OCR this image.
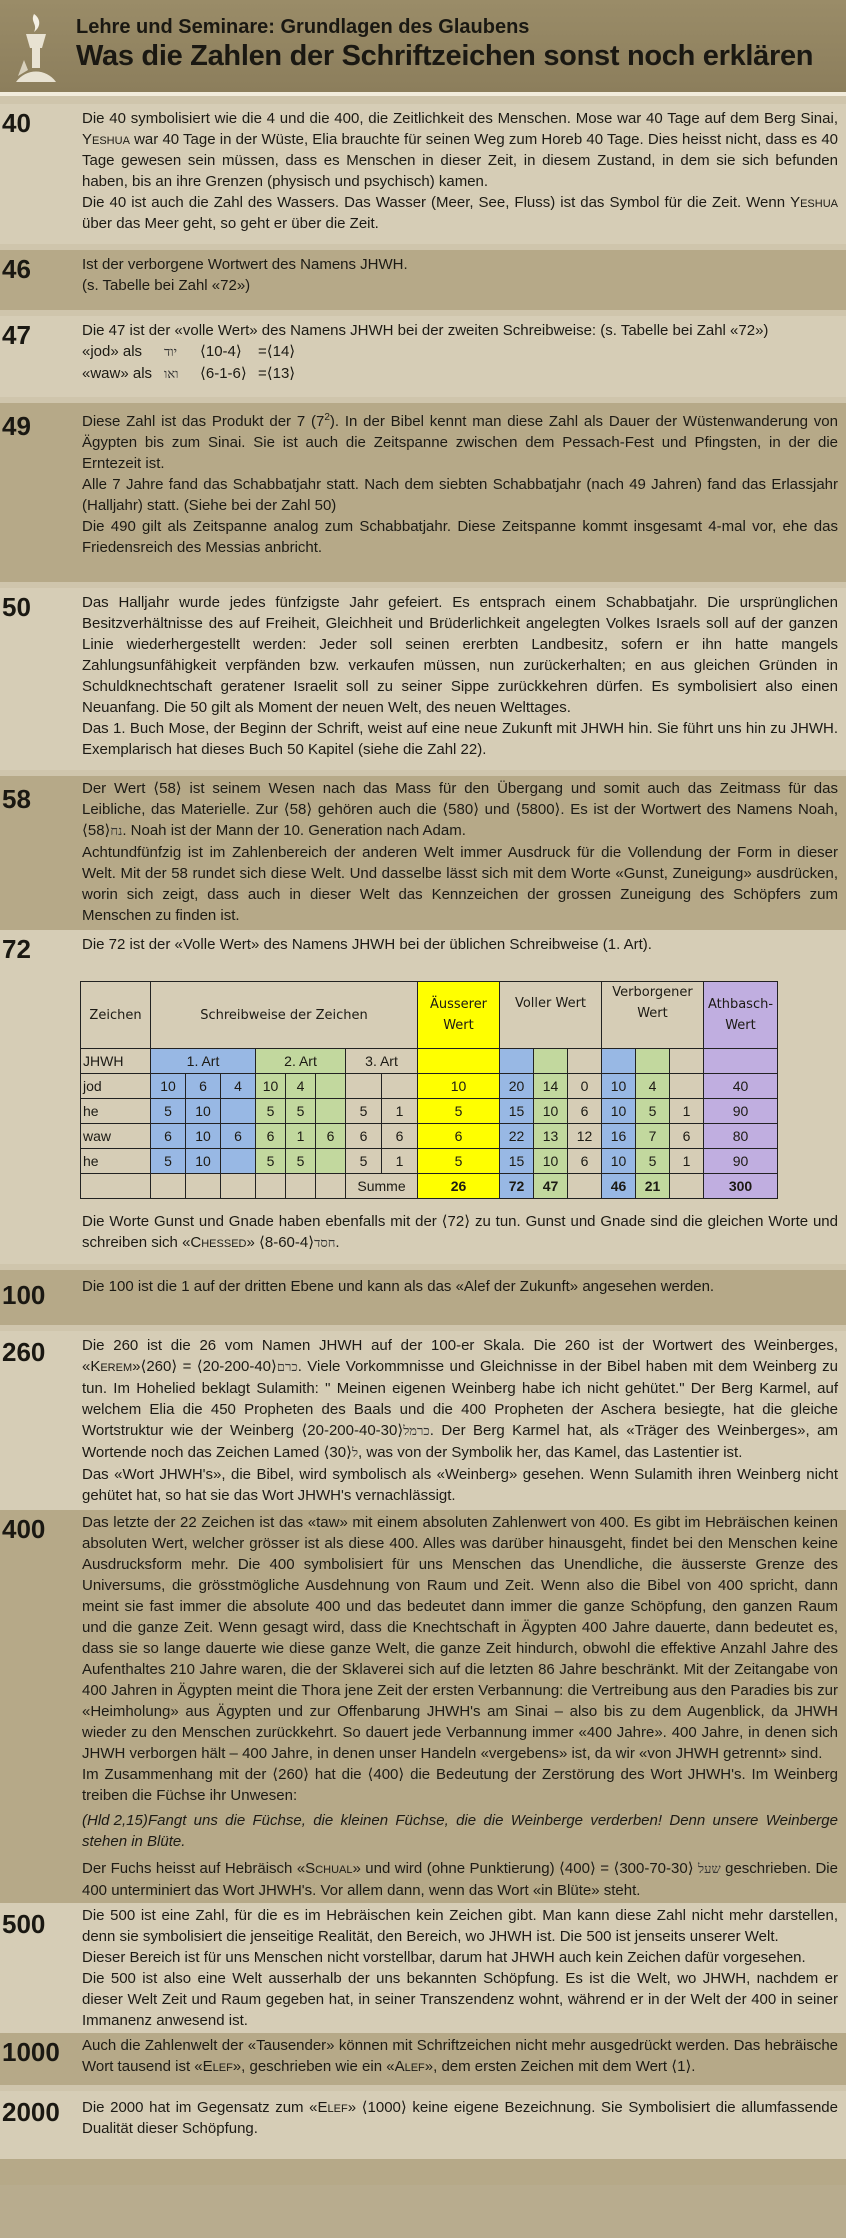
Lehre und Seminare: Grundlagen des Glaubens
Was die Zahlen der Schriftzeichen sonst noch erklären
40	Die 40 symbolisiert wie die 4 und die 400, die Zeitlichkeit des Menschen. Mose war 40 Tage auf dem Berg Sinai, Yeshua war 40 Tage in der Wüste, Elia brauchte für seinen Weg zum Horeb 40 Tage. Dies heisst nicht, dass es 40 Tage gewesen sein müssen, dass es Menschen in dieser Zeit, in diesem Zustand, in dem sie sich befunden haben, bis an ihre Grenzen (physisch und psychisch) kamen.

Die 40 ist auch die Zahl des Wassers. Das Wasser (Meer, See, Fluss) ist das Symbol für die Zeit. Wenn Yeshua über das Meer geht, so geht er über die Zeit.

46	Ist der verborgene Wortwert des Namens JHWH.

(s. Tabelle bei Zahl «72»)

47	Die 47 ist der «volle Wert» des Namens JHWH bei der zweiten Schreibweise: (s. Tabelle bei Zahl «72»)

«jod» als יוד ⟨10-4⟩ =⟨14⟩

«waw» als ואו ⟨6-1-6⟩ =⟨13⟩

49	Diese Zahl ist das Produkt der 7 $(7^2)$. In der Bibel kennt man diese Zahl als Dauer der Wüstenwanderung von Ägypten bis zum Sinai. Sie ist auch die Zeitspanne zwischen dem Pessach-Fest und Pfingsten, in der die Erntezeit ist.

Alle 7 Jahre fand das Schabbatjahr statt. Nach dem siebten Schabbatjahr (nach 49 Jahren) fand das Erlassjahr (Halljahr) statt. (Siehe bei der Zahl 50)

Die 490 gilt als Zeitspanne analog zum Schabbatjahr. Diese Zeitspanne kommt insgesamt 4-mal vor, ehe das Friedensreich des Messias anbricht.

50	Das Halljahr wurde jedes fünfzigste Jahr gefeiert. Es entsprach einem Schabbatjahr. Die ursprünglichen Besitzverhältnisse des auf Freiheit, Gleichheit und Brüderlichkeit angelegten Volkes Israels soll auf der ganzen Linie wiederhergestellt werden: Jeder soll seinen ererbten Landbesitz, sofern er ihn hatte mangels Zahlungsunfähigkeit verpfänden bzw. verkaufen müssen, nun zurückerhalten; en aus gleichen Gründen in Schuldknechtschaft geratener Israelit soll zu seiner Sippe zurückkehren dürfen. Es symbolisiert also einen Neuanfang. Die 50 gilt als Moment der neuen Welt, des neuen Welttages.

Das 1. Buch Mose, der Beginn der Schrift, weist auf eine neue Zukunft mit JHWH hin. Sie führt uns hin zu JHWH. Exemplarisch hat dieses Buch 50 Kapitel (siehe die Zahl 22).

58	Der Wert ⟨58⟩ ist seinem Wesen nach das Mass für den Übergang und somit auch das Zeitmass für das Leibliche, das Materielle. Zur ⟨58⟩ gehören auch die ⟨580⟩ und ⟨5800⟩. Es ist der Wortwert des Namens Noah, נח⟨58⟩. Noah ist der Mann der 10. Generation nach Adam.

Achtundfünfzig ist im Zahlenbereich der anderen Welt immer Ausdruck für die Vollendung der Form in dieser Welt. Mit der 58 rundet sich diese Welt. Und dasselbe lässt sich mit dem Worte «Gunst, Zuneigung» ausdrücken, worin sich zeigt, dass auch in dieser Welt das Kennzeichen der grossen Zuneigung des Schöpfers zum Menschen zu finden ist.

72	Die 72 ist der «Volle Wert» des Namens JHWH bei der üblichen Schreibweise (1. Art).

Zeichen	Schreibweise der Zeichen								Äusserer Wert	Voller Wert			Verborgener Wert			Athbasch-Wert

JHWH	1. Art			2. Art			3. Art									
jod	10	6	4	10	4				10	20	14	0	10	4		40
he	5	10		5	5		5	1	5	15	10	6	10	5	1	90
waw	6	10	6	6	1	6	6	6	6	22	13	12	16	7	6	80
he	5	10		5	5		5	1	5	15	10	6	10	5	1	90
							Summe		26	72	47		46	21		300

Die Worte Gunst und Gnade haben ebenfalls mit der ⟨72⟩ zu tun. Gunst und Gnade sind die gleichen Worte und schreiben sich «Chessed»	חסד⟨8-60-4⟩.

100 Die 100 ist die 1 auf der dritten Ebene und kann als das «Alef der Zukunft» angesehen werden.

260 Die 260 ist die 26 vom Namen JHWH auf der 100-er Skala. Die 260 ist der Wortwert des Weinberges, «Kerem»	כרם⟨20-200-40⟩ = ⟨260⟩. Viele Vorkommnisse und Gleichnisse in der Bibel haben mit dem Weinberg zu tun. Im Hohelied beklagt Sulamith: " Meinen eigenen Weinberg habe ich nicht gehütet." Der Berg Karmel, auf welchem Elia die 450 Propheten des Baals und die 400 Propheten der Aschera besiegte, hat die gleiche Wortstruktur wie der Weinberg	כרמל⟨20-200-40-30⟩. Der Berg Karmel hat, als «Träger des Weinberges», am Wortende noch das Zeichen Lamed	ל⟨30⟩, was von der Symbolik her, das Kamel, das Lastentier ist.

Das «Wort JHWH's», die Bibel, wird symbolisch als «Weinberg» gesehen. Wenn Sulamith ihren Weinberg nicht gehütet hat, so hat sie das Wort JHWH's vernachlässigt.

400 Das letzte der 22 Zeichen ist das «taw» mit einem absoluten Zahlenwert von 400. Es gibt im Hebräischen keinen absoluten Wert, welcher grösser ist als diese 400. Alles was darüber hinausgeht, findet bei den Menschen keine Ausdrucksform mehr. Die 400 symbolisiert für uns Menschen das Unendliche, die äusserste Grenze des Universums, die grösstmögliche Ausdehnung von Raum und Zeit. Wenn also die Bibel von 400 spricht, dann meint sie fast immer die absolute 400 und das bedeutet dann immer die ganze Schöpfung, den ganzen Raum und die ganze Zeit. Wenn gesagt wird, dass die Knechtschaft in Ägypten 400 Jahre dauerte, dann bedeutet es, dass sie so lange dauerte wie diese ganze Welt, die ganze Zeit hindurch, obwohl die effektive Anzahl Jahre des Aufenthaltes 210 Jahre waren, die der Sklaverei sich auf die letzten 86 Jahre beschränkt. Mit der Zeitangabe von 400 Jahren in Ägypten meint die Thora jene Zeit der ersten Verbannung: die Vertreibung aus den Paradies bis zur «Heimholung» aus Ägypten und zur Offenbarung JHWH's am Sinai – also bis zu dem Augenblick, da JHWH wieder zu den Menschen zurückkehrt. So dauert jede Verbannung immer «400 Jahre». 400 Jahre, in denen sich JHWH verborgen hält – 400 Jahre, in denen unser Handeln «vergebens» ist, da wir «von JHWH getrennt» sind.

Im Zusammenhang mit der ⟨260⟩ hat die ⟨400⟩ die Bedeutung der Zerstörung des Wort JHWH's. Im Weinberg treiben die Füchse ihr Unwesen:

(Hld 2,15)Fangt uns die Füchse, die kleinen Füchse, die die Weinberge verderben! Denn unsere Weinberge stehen in Blüte.

Der Fuchs heisst auf Hebräisch «Schual» und wird (ohne Punktierung)	שעל ⟨300-70-30⟩ = ⟨400⟩ geschrieben. Die 400 unterminiert das Wort JHWH's. Vor allem dann, wenn das Wort «in Blüte» steht.

500 Die 500 ist eine Zahl, für die es im Hebräischen kein Zeichen gibt. Man kann diese Zahl nicht mehr darstellen, denn sie symbolisiert die jenseitige Realität, den Bereich, wo JHWH ist. Die 500 ist jenseits unserer Welt.

Dieser Bereich ist für uns Menschen nicht vorstellbar, darum hat JHWH auch kein Zeichen dafür vorgesehen.

Die 500 ist also eine Welt ausserhalb der uns bekannten Schöpfung. Es ist die Welt, wo JHWH, nachdem er dieser Welt Zeit und Raum gegeben hat, in seiner Transzendenz wohnt, während er in der Welt der 400 in seiner Immanenz anwesend ist.

1000 Auch die Zahlenwelt der «Tausender» können mit Schriftzeichen nicht mehr ausgedrückt werden. Das hebräische Wort tausend ist «Elef», geschrieben wie ein «Alef», dem ersten Zeichen mit dem Wert ⟨1⟩.

2000 Die 2000 hat im Gegensatz zum «Elef» ⟨1000⟩ keine eigene Bezeichnung. Sie Symbolisiert die allumfassende Dualität dieser Schöpfung.
